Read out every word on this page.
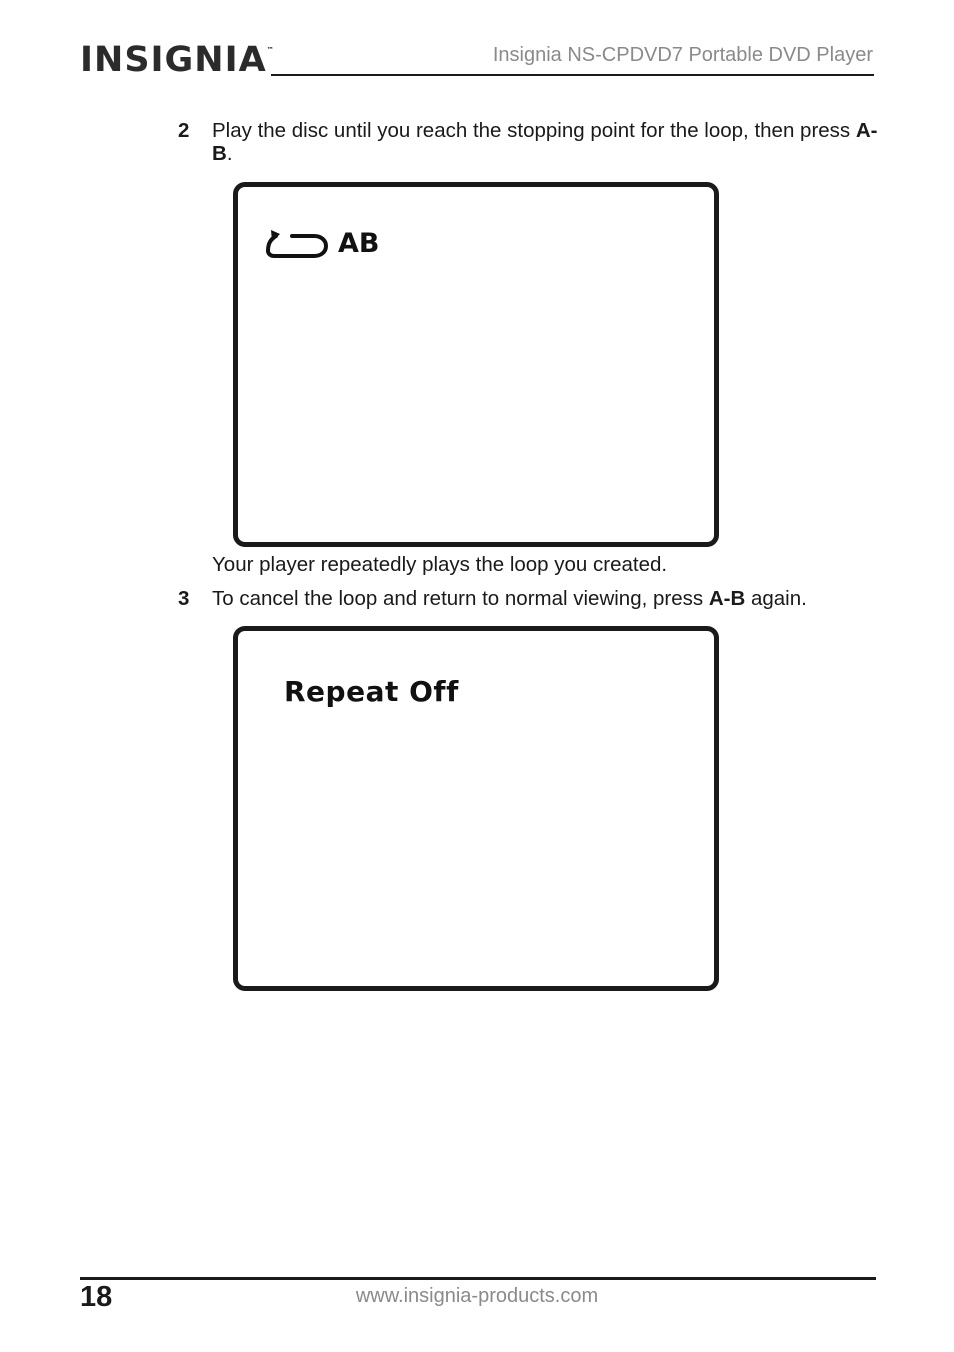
INSIGNIA™	Insignia NS-CPDVD7 Portable DVD Player
2 Play the disc until you reach the stopping point for the loop, then press A-B.
AB
Your player repeatedly plays the loop you created.
3 To cancel the loop and return to normal viewing, press A-B again.
Repeat Off
18	www.insignia-products.com
